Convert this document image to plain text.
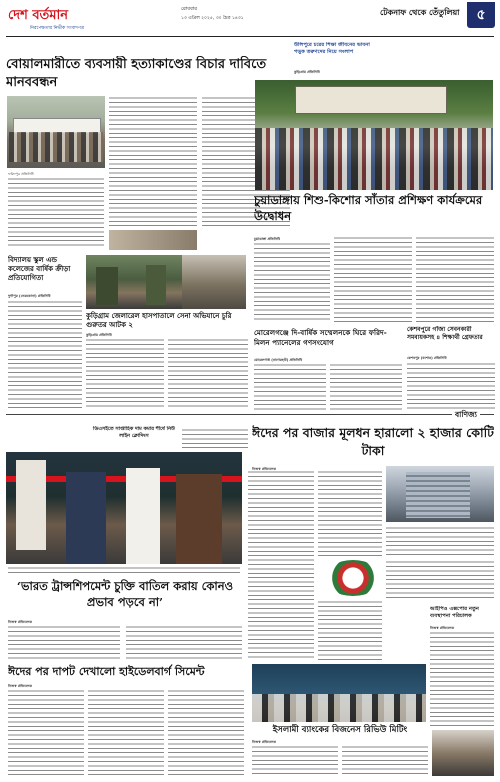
দেশ বর্তমান
নিরপেক্ষতার নির্ভীক সংবাদপত্র
রোববার
১৩ এপ্রিল ২০২৫, ৩০ চৈত্র ১৪৩১
টেকনাফ থেকে তেঁতুলিয়া	৫
বোয়ালমারীতে ব্যবসায়ী হত্যাকাণ্ডের বিচার দাবিতে মানববন্ধন
ফরিদপুর প্রতিনিধি
উলিপুরে চরের শিক্ষা জীবনের ভাবনা পড়ুক তরুণদের নিয়ে সংলাপ
কুড়িগ্রাম প্রতিনিধি
বিদ্যালয় স্কুল এন্ড কলেজের বার্ষিক ক্রীড়া প্রতিযোগিতা
দুর্গাপুর (নেত্রকোনা) প্রতিনিধি
কুড়িগ্রাম জেলারেল হাসপাতালে সেনা অভিযানে চুরি গুরুতর আটক ২
কুড়িগ্রাম প্রতিনিধি
চুয়াডাঙ্গায় শিশু-কিশোর সাঁতার প্রশিক্ষণ কার্যক্রমের উদ্বোধন
চুয়াডাঙ্গা প্রতিনিধি
মোরেলগঞ্জে দি-বার্ষিক সম্মেলনকে ঘিরে ফরিদ-মিলন প্যানেলের গণসংযোগ
মোরেলগঞ্জ (বাগেরহাট) প্রতিনিধি
কেশবপুরে গাঁজা সেবনকারী সমবায়কসহ ৪ শিক্ষার্থী গ্রেফতার
কেশবপুর (যশোর) প্রতিনিধি
বাণিজ্য
ডিএসইতে সাপ্তাহিক দাম কমার শীর্ষে নিউ লাইন ক্লোদিংস
‘ভারত ট্রান্সশিপমেন্ট চুক্তি বাতিল করায় কোনও প্রভাব পড়বে না’
নিজস্ব প্রতিবেদক
ঈদের পর দাপট দেখালো হাইডেলবার্গ সিমেন্ট
নিজস্ব প্রতিবেদক
ঈদের পর বাজার মূলধন হারালো ২ হাজার কোটি টাকা
নিজস্ব প্রতিবেদক
আইপিও এক্সপোর নতুন ব্যবস্থাপনা পরিচালক
নিজস্ব প্রতিবেদক
ইসলামী ব্যাংকের বিজনেস রিভিউ মিটিং
নিজস্ব প্রতিবেদক
